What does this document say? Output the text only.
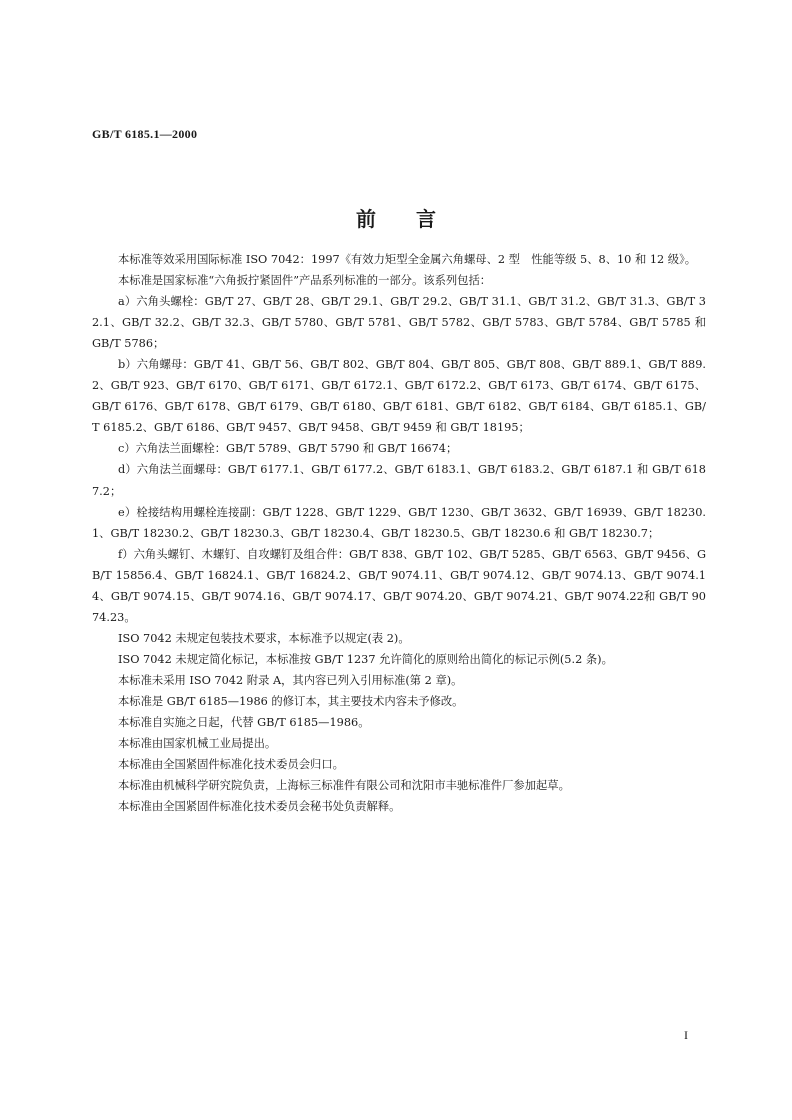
GB/T 6185.1—2000
前言

本标准等效采用国际标准 ISO 7042：1997《有效力矩型全金属六角螺母、2 型　性能等级 5、8、10 和 12 级》。

本标准是国家标准“六角扳拧紧固件”产品系列标准的一部分。该系列包括：

a）六角头螺栓：GB/T 27、GB/T 28、GB/T 29.1、GB/T 29.2、GB/T 31.1、GB/T 31.2、GB/T 31.3、GB/T 32.1、GB/T 32.2、GB/T 32.3、GB/T 5780、GB/T 5781、GB/T 5782、GB/T 5783、GB/T 5784、GB/T 5785 和 GB/T 5786；

b）六角螺母：GB/T 41、GB/T 56、GB/T 802、GB/T 804、GB/T 805、GB/T 808、GB/T 889.1、GB/T 889.2、GB/T 923、GB/T 6170、GB/T 6171、GB/T 6172.1、GB/T 6172.2、GB/T 6173、GB/T 6174、GB/T 6175、GB/T 6176、GB/T 6178、GB/T 6179、GB/T 6180、GB/T 6181、GB/T 6182、GB/T 6184、GB/T 6185.1、GB/T 6185.2、GB/T 6186、GB/T 9457、GB/T 9458、GB/T 9459 和 GB/T 18195；

c）六角法兰面螺栓：GB/T 5789、GB/T 5790 和 GB/T 16674；

d）六角法兰面螺母：GB/T 6177.1、GB/T 6177.2、GB/T 6183.1、GB/T 6183.2、GB/T 6187.1 和 GB/T 6187.2；

e）栓接结构用螺栓连接副：GB/T 1228、GB/T 1229、GB/T 1230、GB/T 3632、GB/T 16939、GB/T 18230.1、GB/T 18230.2、GB/T 18230.3、GB/T 18230.4、GB/T 18230.5、GB/T 18230.6 和 GB/T 18230.7；

f）六角头螺钉、木螺钉、自攻螺钉及组合件：GB/T 838、GB/T 102、GB/T 5285、GB/T 6563、GB/T 9456、GB/T 15856.4、GB/T 16824.1、GB/T 16824.2、GB/T 9074.11、GB/T 9074.12、GB/T 9074.13、GB/T 9074.14、GB/T 9074.15、GB/T 9074.16、GB/T 9074.17、GB/T 9074.20、GB/T 9074.21、GB/T 9074.22和 GB/T 9074.23。

ISO 7042 未规定包装技术要求，本标准予以规定(表 2)。

ISO 7042 未规定简化标记，本标准按 GB/T 1237 允许简化的原则给出简化的标记示例(5.2 条)。

本标准未采用 ISO 7042 附录 A，其内容已列入引用标准(第 2 章)。

本标准是 GB/T 6185—1986 的修订本，其主要技术内容未予修改。

本标准自实施之日起，代替 GB/T 6185—1986。

本标准由国家机械工业局提出。

本标准由全国紧固件标准化技术委员会归口。

本标准由机械科学研究院负责，上海标三标准件有限公司和沈阳市丰驰标准件厂参加起草。

本标准由全国紧固件标准化技术委员会秘书处负责解释。

I
